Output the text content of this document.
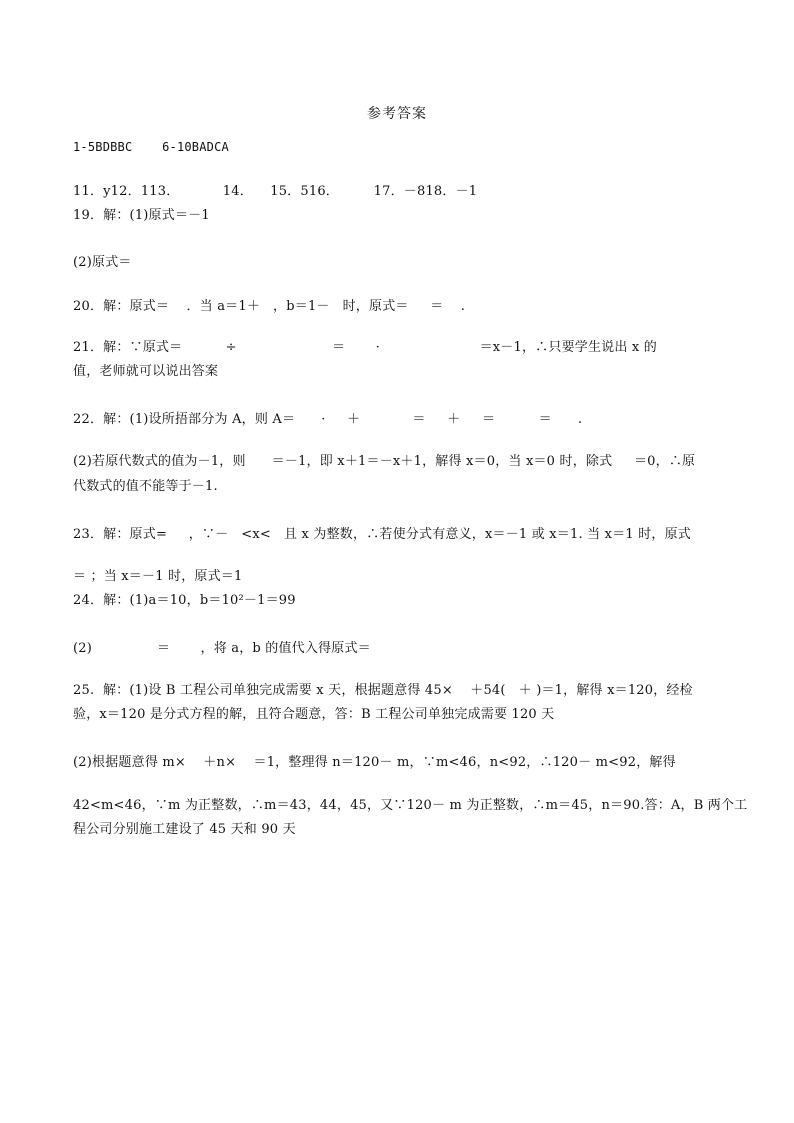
参考答案
1-5BDBBC    6-10BADCA
11．y12．113．          14．    15．516．        17．－818．－1
19．解：(1)原式＝－1
(2)原式＝
20．解：原式＝    ．当 a＝1＋   ，b＝1－   时，原式＝     ＝    .
21．解：∵原式＝          ÷                      ＝       ·                       ＝x－1，∴只要学生说出 x 的
值，老师就可以说出答案
22．解：(1)设所捂部分为 A，则 A＝      ·     ＋            ＝     ＋     ＝          ＝      .
(2)若原代数式的值为－1，则      ＝－1，即 x＋1＝－x＋1，解得 x＝0，当 x＝0 时，除式     ＝0，∴原
代数式的值不能等于－1.
23．解：原式=     ，∵－   <x<   且 x 为整数，∴若使分式有意义，x＝－1 或 x＝1. 当 x＝1 时，原式
＝ ；当 x＝－1 时，原式＝1
24．解：(1)a＝10，b＝10²－1＝99
(2)               ＝       ，将 a，b 的值代入得原式＝
25.  解：(1)设 B 工程公司单独完成需要 x 天，根据题意得 45×    ＋54(   ＋ )＝1，解得 x＝120，经检
验，x＝120 是分式方程的解，且符合题意，答：B 工程公司单独完成需要 120 天
(2)根据题意得 m×    ＋n×    ＝1，整理得 n＝120－ m，∵m<46，n<92，∴120－ m<92，解得
42<m<46，∵m 为正整数，∴m＝43，44，45，又∵120－ m 为正整数，∴m＝45，n＝90.答：A，B 两个工
程公司分别施工建设了 45 天和 90 天
